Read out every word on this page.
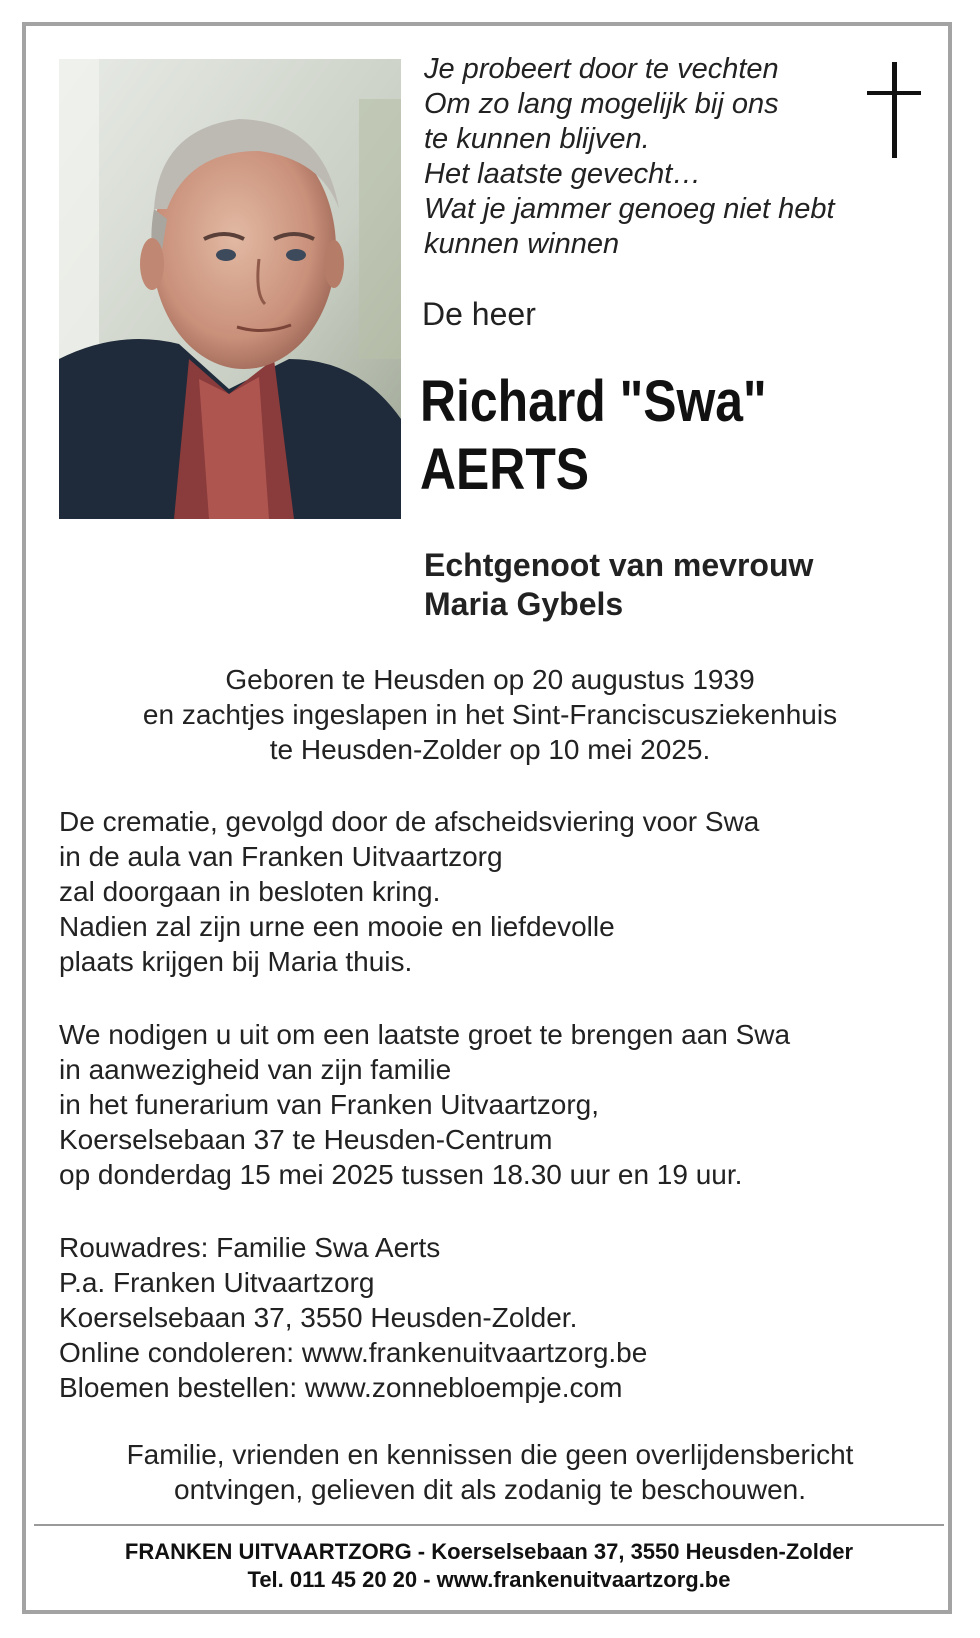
Je probeert door te vechten
Om zo lang mogelijk bij ons
te kunnen blijven.
Het laatste gevecht…
Wat je jammer genoeg niet hebt
kunnen winnen
De heer
Richard "Swa"
AERTS
Echtgenoot van mevrouw
Maria Gybels
Geboren te Heusden op 20 augustus 1939
en zachtjes ingeslapen in het Sint-Franciscusziekenhuis
te Heusden-Zolder op 10 mei 2025.
De crematie, gevolgd door de afscheidsviering voor Swa
in de aula van Franken Uitvaartzorg
zal doorgaan in besloten kring.
Nadien zal zijn urne een mooie en liefdevolle
plaats krijgen bij Maria thuis.
We nodigen u uit om een laatste groet te brengen aan Swa
in aanwezigheid van zijn familie
in het funerarium van Franken Uitvaartzorg,
Koerselsebaan 37 te Heusden-Centrum
op donderdag 15 mei 2025 tussen 18.30 uur en 19 uur.
Rouwadres: Familie Swa Aerts
P.a. Franken Uitvaartzorg
Koerselsebaan 37, 3550 Heusden-Zolder.
Online condoleren: www.frankenuitvaartzorg.be
Bloemen bestellen: www.zonnebloempje.com
Familie, vrienden en kennissen die geen overlijdensbericht
ontvingen, gelieven dit als zodanig te beschouwen.
FRANKEN UITVAARTZORG - Koerselsebaan 37, 3550 Heusden-Zolder
Tel. 011 45 20 20 - www.frankenuitvaartzorg.be
